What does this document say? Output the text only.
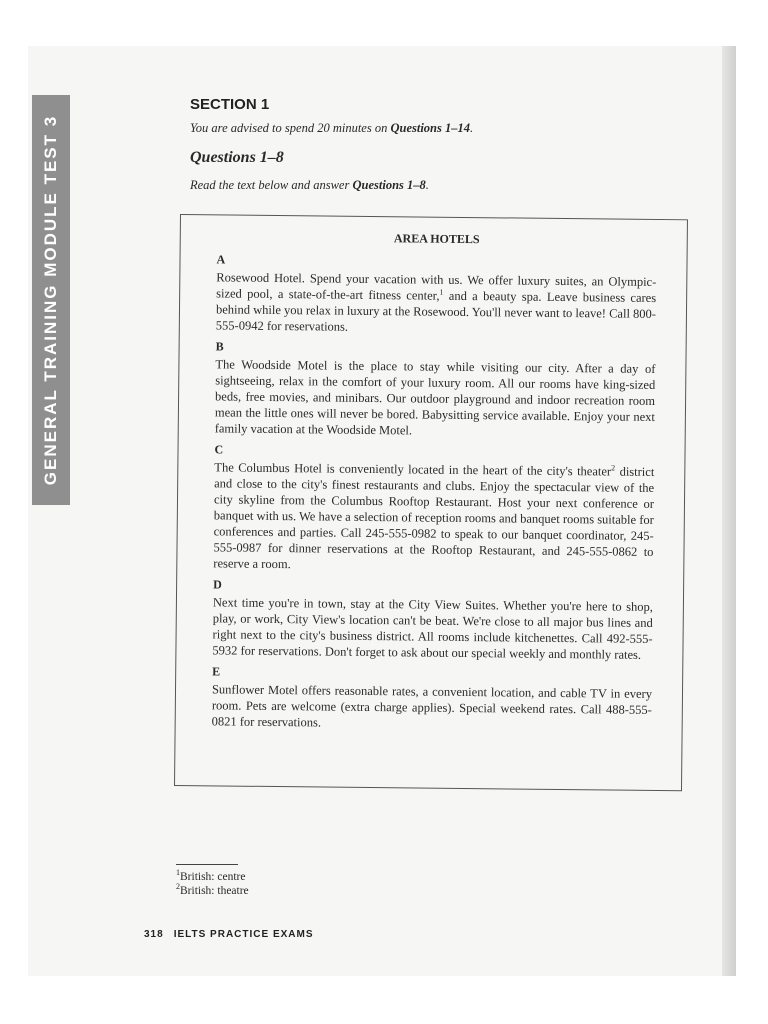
GENERAL TRAINING MODULE TEST 3
SECTION 1

You are advised to spend 20 minutes on Questions 1–14.

Questions 1–8

Read the text below and answer Questions 1–8.

AREA HOTELS
A

Rosewood Hotel. Spend your vacation with us. We offer luxury suites, an Olympic-sized pool, a state-of-the-art fitness center,$^1$ and a beauty spa. Leave business cares behind while you relax in luxury at the Rosewood. You'll never want to leave! Call 800-555-0942 for reservations.

B

The Woodside Motel is the place to stay while visiting our city. After a day of sightseeing, relax in the comfort of your luxury room. All our rooms have king-sized beds, free movies, and minibars. Our outdoor playground and indoor recreation room mean the little ones will never be bored. Babysitting service available. Enjoy your next family vacation at the Woodside Motel.

C

The Columbus Hotel is conveniently located in the heart of the city's theater$^2$ district and close to the city's finest restaurants and clubs. Enjoy the spectacular view of the city skyline from the Columbus Rooftop Restaurant. Host your next conference or banquet with us. We have a selection of reception rooms and banquet rooms suitable for conferences and parties. Call 245-555-0982 to speak to our banquet coordinator, 245-555-0987 for dinner reservations at the Rooftop Restaurant, and 245-555-0862 to reserve a room.

D

Next time you're in town, stay at the City View Suites. Whether you're here to shop, play, or work, City View's location can't be beat. We're close to all major bus lines and right next to the city's business district. All rooms include kitchenettes. Call 492-555-5932 for reservations. Don't forget to ask about our special weekly and monthly rates.

E

Sunflower Motel offers reasonable rates, a convenient location, and cable TV in every room. Pets are welcome (extra charge applies). Special weekend rates. Call 488-555-0821 for reservations.

$^1$British: centre
$^2$British: theatre
318 IELTS PRACTICE EXAMS
